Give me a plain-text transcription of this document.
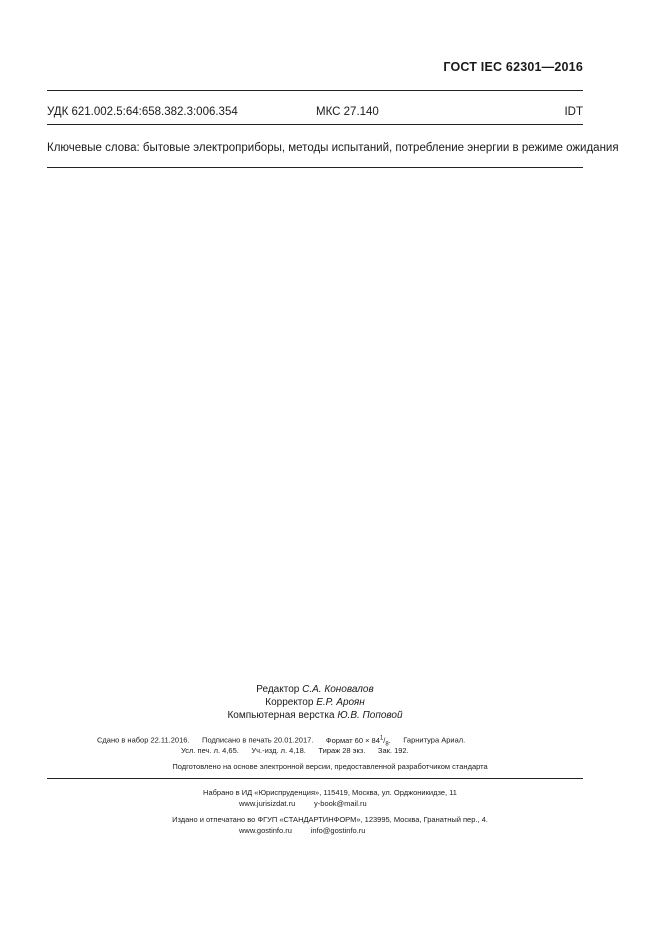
ГОСТ IEC 62301—2016
УДК 621.002.5:64:658.382.3:006.354	МКС 27.140	IDT
Ключевые слова: бытовые электроприборы, методы испытаний, потребление энергии в режиме ожидания
Редактор С.А. Коновалов
Корректор Е.Р. Ароян
Компьютерная верстка Ю.В. Поповой
Сдано в набор 22.11.2016. Подписано в печать 20.01.2017. Формат $60 \times 84^1/_8$. Гарнитура Ариал.
Усл. печ. л. 4,65. Уч.-изд. л. 4,18. Тираж 28 экз. Зак. 192.
Подготовлено на основе электронной версии, предоставленной разработчиком стандарта
Набрано в ИД «Юриспруденция», 115419, Москва, ул. Орджоникидзе, 11
www.jurisizdat.ru	y-book@mail.ru
Издано и отпечатано во ФГУП «СТАНДАРТИНФОРМ», 123995, Москва, Гранатный пер., 4.
www.gostinfo.ru	info@gostinfo.ru
